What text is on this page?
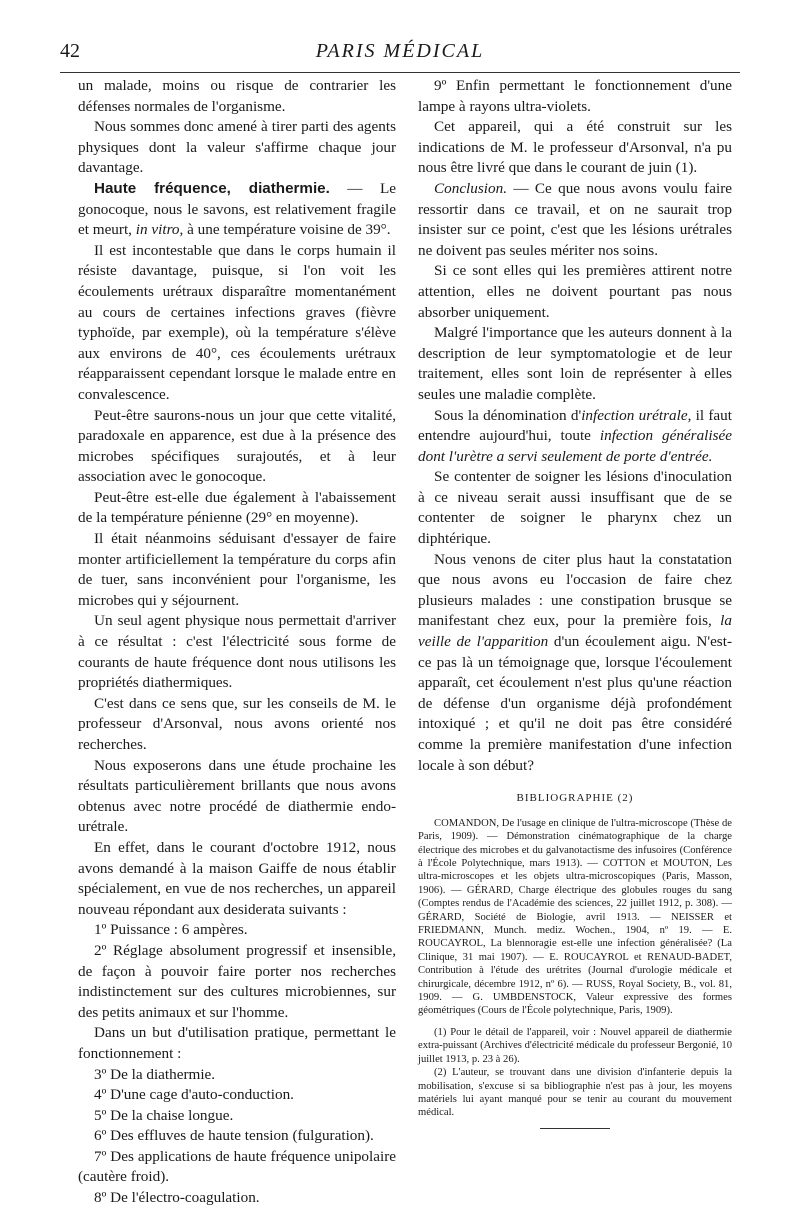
42	PARIS MÉDICAL

un malade, moins ou risque de contrarier les défenses normales de l'organisme.

Nous sommes donc amené à tirer parti des agents physiques dont la valeur s'affirme chaque jour davantage.

Haute fréquence, diathermie. — Le gonocoque, nous le savons, est relativement fragile et meurt, in vitro, à une température voisine de 39°.

Il est incontestable que dans le corps humain il résiste davantage, puisque, si l'on voit les écoulements urétraux disparaître momentanément au cours de certaines infections graves (fièvre typhoïde, par exemple), où la température s'élève aux environs de 40°, ces écoulements urétraux réapparaissent cependant lorsque le malade entre en convalescence.

Peut-être saurons-nous un jour que cette vitalité, paradoxale en apparence, est due à la présence des microbes spécifiques surajoutés, et à leur association avec le gonocoque.

Peut-être est-elle due également à l'abaissement de la température pénienne (29° en moyenne).

Il était néanmoins séduisant d'essayer de faire monter artificiellement la température du corps afin de tuer, sans inconvénient pour l'organisme, les microbes qui y séjournent.

Un seul agent physique nous permettait d'arriver à ce résultat : c'est l'électricité sous forme de courants de haute fréquence dont nous utilisons les propriétés diathermiques.

C'est dans ce sens que, sur les conseils de M. le professeur d'Arsonval, nous avons orienté nos recherches.

Nous exposerons dans une étude prochaine les résultats particulièrement brillants que nous avons obtenus avec notre procédé de diathermie endo-urétrale.

En effet, dans le courant d'octobre 1912, nous avons demandé à la maison Gaiffe de nous établir spécialement, en vue de nos recherches, un appareil nouveau répondant aux desiderata suivants :

1º Puissance : 6 ampères.

2º Réglage absolument progressif et insensible, de façon à pouvoir faire porter nos recherches indistinctement sur des cultures microbiennes, sur des petits animaux et sur l'homme.

Dans un but d'utilisation pratique, permettant le fonctionnement :

3º De la diathermie.

4º D'une cage d'auto-conduction.

5º De la chaise longue.

6º Des effluves de haute tension (fulguration).

7º Des applications de haute fréquence unipolaire (cautère froid).

8º De l'électro-coagulation.

9º Enfin permettant le fonctionnement d'une lampe à rayons ultra-violets.

Cet appareil, qui a été construit sur les indications de M. le professeur d'Arsonval, n'a pu nous être livré que dans le courant de juin (1).

Conclusion. — Ce que nous avons voulu faire ressortir dans ce travail, et on ne saurait trop insister sur ce point, c'est que les lésions urétrales ne doivent pas seules mériter nos soins.

Si ce sont elles qui les premières attirent notre attention, elles ne doivent pourtant pas nous absorber uniquement.

Malgré l'importance que les auteurs donnent à la description de leur symptomatologie et de leur traitement, elles sont loin de représenter à elles seules une maladie complète.

Sous la dénomination d'infection urétrale, il faut entendre aujourd'hui, toute infection généralisée dont l'urètre a servi seulement de porte d'entrée.

Se contenter de soigner les lésions d'inoculation à ce niveau serait aussi insuffisant que de se contenter de soigner le pharynx chez un diphtérique.

Nous venons de citer plus haut la constatation que nous avons eu l'occasion de faire chez plusieurs malades : une constipation brusque se manifestant chez eux, pour la première fois, la veille de l'apparition d'un écoulement aigu. N'est-ce pas là un témoignage que, lorsque l'écoulement apparaît, cet écoulement n'est plus qu'une réaction de défense d'un organisme déjà profondément intoxiqué ; et qu'il ne doit pas être considéré comme la première manifestation d'une infection locale à son début?

BIBLIOGRAPHIE (2)

COMANDON, De l'usage en clinique de l'ultra-microscope (Thèse de Paris, 1909). — Démonstration cinématographique de la charge électrique des microbes et du galvanotactisme des infusoires (Conférence à l'École Polytechnique, mars 1913). — COTTON et MOUTON, Les ultra-microscopes et les objets ultra-microscopiques (Paris, Masson, 1906). — GÉRARD, Charge électrique des globules rouges du sang (Comptes rendus de l'Académie des sciences, 22 juillet 1912, p. 308). — GÉRARD, Société de Biologie, avril 1913. — NEISSER et FRIEDMANN, Munch. mediz. Wochen., 1904, nº 19. — E. ROUCAYROL, La blennoragie est-elle une infection généralisée? (La Clinique, 31 mai 1907). — E. ROUCAYROL et RENAUD-BADET, Contribution à l'étude des urétrites (Journal d'urologie médicale et chirurgicale, décembre 1912, nº 6). — RUSS, Royal Society, B., vol. 81, 1909. — G. UMBDENSTOCK, Valeur expressive des formes géométriques (Cours de l'École polytechnique, Paris, 1909).

(1) Pour le détail de l'appareil, voir : Nouvel appareil de diathermie extra-puissant (Archives d'électricité médicale du professeur Bergonié, 10 juillet 1913, p. 23 à 26).

(2) L'auteur, se trouvant dans une division d'infanterie depuis la mobilisation, s'excuse si sa bibliographie n'est pas à jour, les moyens matériels lui ayant manqué pour se tenir au courant du mouvement médical.
